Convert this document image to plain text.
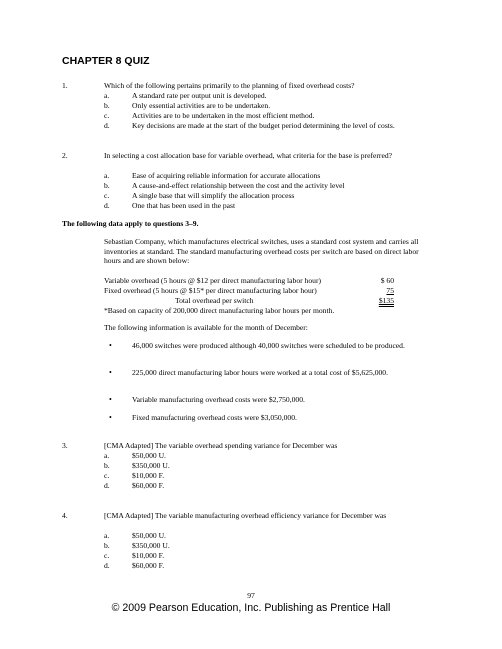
CHAPTER 8 QUIZ
1.	Which of the following pertains primarily to the planning of fixed overhead costs?
a.	A standard rate per output unit is developed.
b.	Only essential activities are to be undertaken.
c.	Activities are to be undertaken in the most efficient method.
d.	Key decisions are made at the start of the budget period determining the level of costs.
2.	In selecting a cost allocation base for variable overhead, what criteria for the base is preferred?
a.	Ease of acquiring reliable information for accurate allocations
b.	A cause-and-effect relationship between the cost and the activity level
c.	A single base that will simplify the allocation process
d.	One that has been used in the past
The following data apply to questions 3–9.
Sebastian Company, which manufactures electrical switches, uses a standard cost system and carries all inventories at standard. The standard manufacturing overhead costs per switch are based on direct labor hours and are shown below:
Variable overhead (5 hours @ $12 per direct manufacturing labor hour)	$ 60
Fixed overhead (5 hours @ $15* per direct manufacturing labor hour)	75
Total overhead per switch	$135
*Based on capacity of 200,000 direct manufacturing labor hours per month.
The following information is available for the month of December:
•	46,000 switches were produced although 40,000 switches were scheduled to be produced.
•	225,000 direct manufacturing labor hours were worked at a total cost of $5,625,000.
•	Variable manufacturing overhead costs were $2,750,000.
•	Fixed manufacturing overhead costs were $3,050,000.
3.	[CMA Adapted] The variable overhead spending variance for December was
a.	$50,000 U.
b.	$350,000 U.
c.	$10,000 F.
d.	$60,000 F.
4.	[CMA Adapted] The variable manufacturing overhead efficiency variance for December was
a.	$50,000 U.
b.	$350,000 U.
c.	$10,000 F.
d.	$60,000 F.
97
© 2009 Pearson Education, Inc. Publishing as Prentice Hall
